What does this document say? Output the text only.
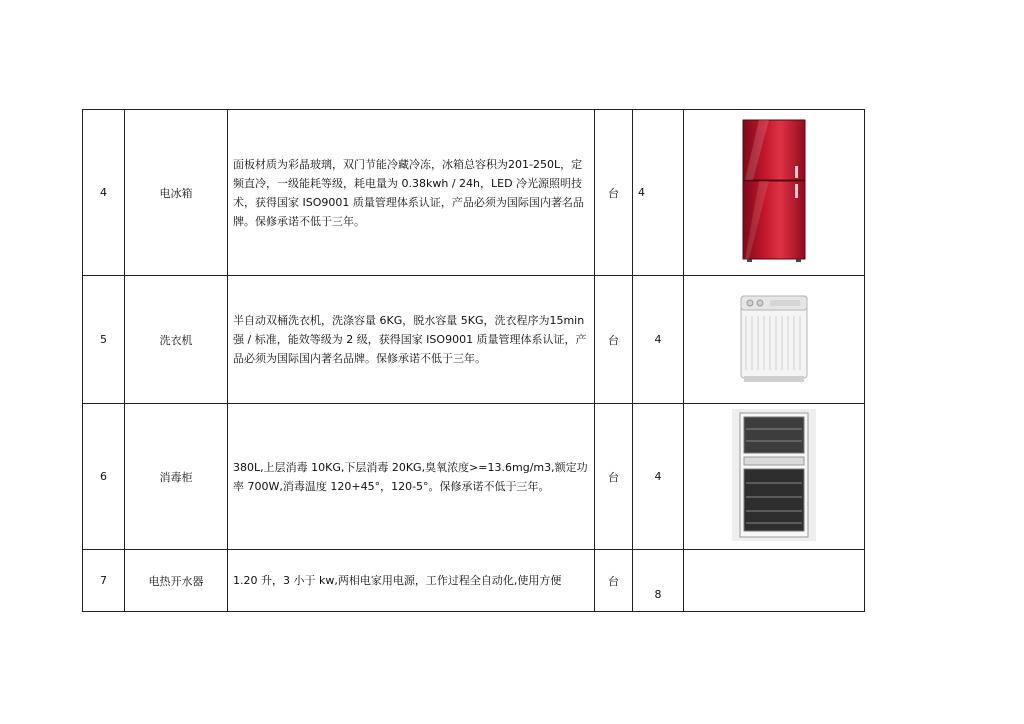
4	电冰箱	面板材质为彩晶玻璃，双门节能冷藏冷冻，冰箱总容积为201-250L，定频直冷，一级能耗等级，耗电量为 0.38kwh / 24h，LED 冷光源照明技术，获得国家 ISO9001 质量管理体系认证，产品必须为国际国内著名品牌。保修承诺不低于三年。	台	4	
5	洗衣机	半自动双桶洗衣机，洗涤容量 6KG，脱水容量 5KG，洗衣程序为15min强 / 标准，能效等级为 2 级，获得国家 ISO9001 质量管理体系认证，产品必须为国际国内著名品牌。保修承诺不低于三年。	台	4	
6	消毒柜	380L,上层消毒 10KG,下层消毒 20KG,臭氧浓度>=13.6mg/m3,额定功率 700W,消毒温度 120+45°，120-5°。保修承诺不低于三年。	台	4	
7	电热开水器	1.20 升，3 小于 kw,两相电家用电源，工作过程全自动化,使用方便	台	8	
